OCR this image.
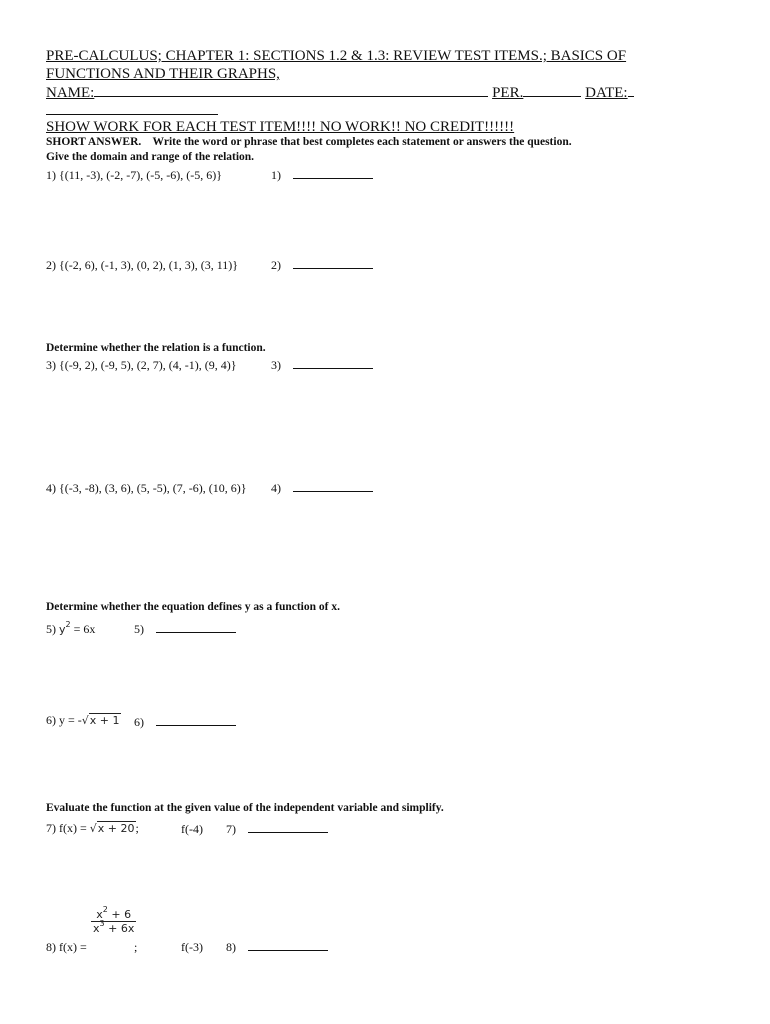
PRE-CALCULUS; CHAPTER 1: SECTIONS 1.2 & 1.3: REVIEW TEST ITEMS.; BASICS OF
FUNCTIONS AND THEIR GRAPHS,
NAME:	PER.	DATE:
SHOW WORK FOR EACH TEST ITEM!!!! NO WORK!! NO CREDIT!!!!!!
SHORT ANSWER. Write the word or phrase that best completes each statement or answers the question.
Give the domain and range of the relation.
1) {(11, -3), (-2, -7), (-5, -6), (-5, 6)}	1)
2) {(-2, 6), (-1, 3), (0, 2), (1, 3), (3, 11)}	2)
Determine whether the relation is a function.
3) {(-9, 2), (-9, 5), (2, 7), (4, -1), (9, 4)}	3)
4) {(-3, -8), (3, 6), (5, -5), (7, -6), (10, 6)} 4)
Determine whether the equation defines y as a function of x.
5) $y^2 = 6x$	5)
6) y = -√x + 1 6)
Evaluate the function at the given value of the independent variable and simplify.
7) f(x) = √x + 20;	f(-4) 7)
8) f(x) =
$\frac{x^2 + 6}{x^3 + 6x}$
;	f(-3) 8)
